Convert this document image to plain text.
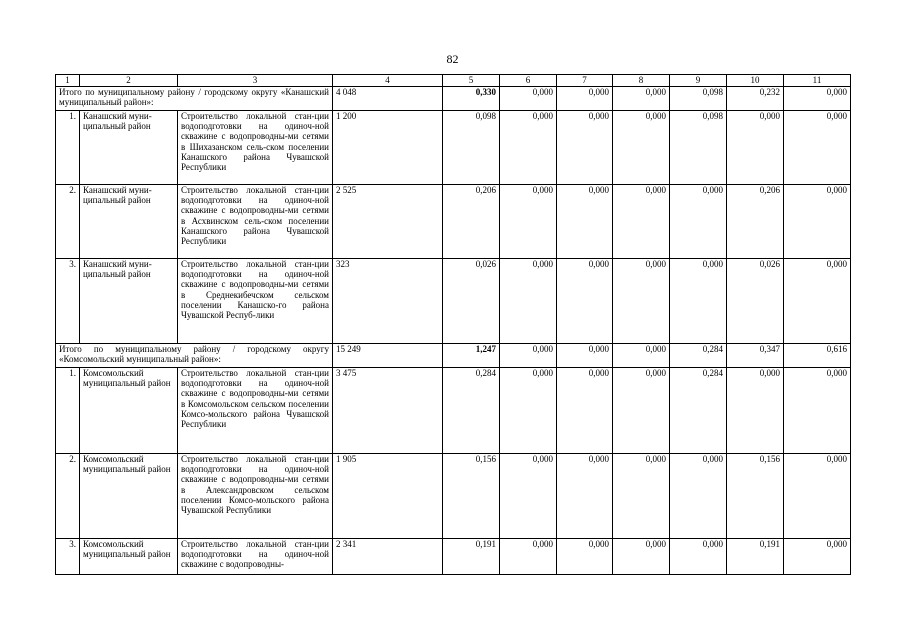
82
1	2	3	4	5	6	7	8	9	10	11
Итого по муниципальному району / городскому округу «Канашский муниципальный район»:			4 048	0,330	0,000	0,000	0,000	0,098	0,232	0,000
1.	Канашский муни-ципальный район	Строительство локальной стан-ции водоподготовки на одиноч-ной скважине с водопроводны-ми сетями в Шихазанском сель-ском поселении Канашского района Чувашской Республики	1 200	0,098	0,000	0,000	0,000	0,098	0,000	0,000
2.	Канашский муни-ципальный район	Строительство локальной стан-ции водоподготовки на одиноч-ной скважине с водопроводны-ми сетями в Асхвинском сель-ском поселении Канашского района Чувашской Республики	2 525	0,206	0,000	0,000	0,000	0,000	0,206	0,000
3.	Канашский муни-ципальный район	Строительство локальной стан-ции водоподготовки на одиноч-ной скважине с водопроводны-ми сетями в Среднекибечском сельском поселении Канашско-го района Чувашской Респуб-лики	323	0,026	0,000	0,000	0,000	0,000	0,026	0,000
Итого по муниципальному району / городскому округу «Комсомольский муниципальный район»:			15 249	1,247	0,000	0,000	0,000	0,284	0,347	0,616
1.	Комсомольский муниципальный район	Строительство локальной стан-ции водоподготовки на одиноч-ной скважине с водопроводны-ми сетями в Комсомольском сельском поселении Комсо-мольского района Чувашской Республики	3 475	0,284	0,000	0,000	0,000	0,284	0,000	0,000
2.	Комсомольский муниципальный район	Строительство локальной стан-ции водоподготовки на одиноч-ной скважине с водопроводны-ми сетями в Александровском сельском поселении Комсо-мольского района Чувашской Республики	1 905	0,156	0,000	0,000	0,000	0,000	0,156	0,000
3.	Комсомольский муниципальный район	Строительство локальной стан-ции водоподготовки на одиноч-ной скважине с водопроводны-	2 341	0,191	0,000	0,000	0,000	0,000	0,191	0,000
